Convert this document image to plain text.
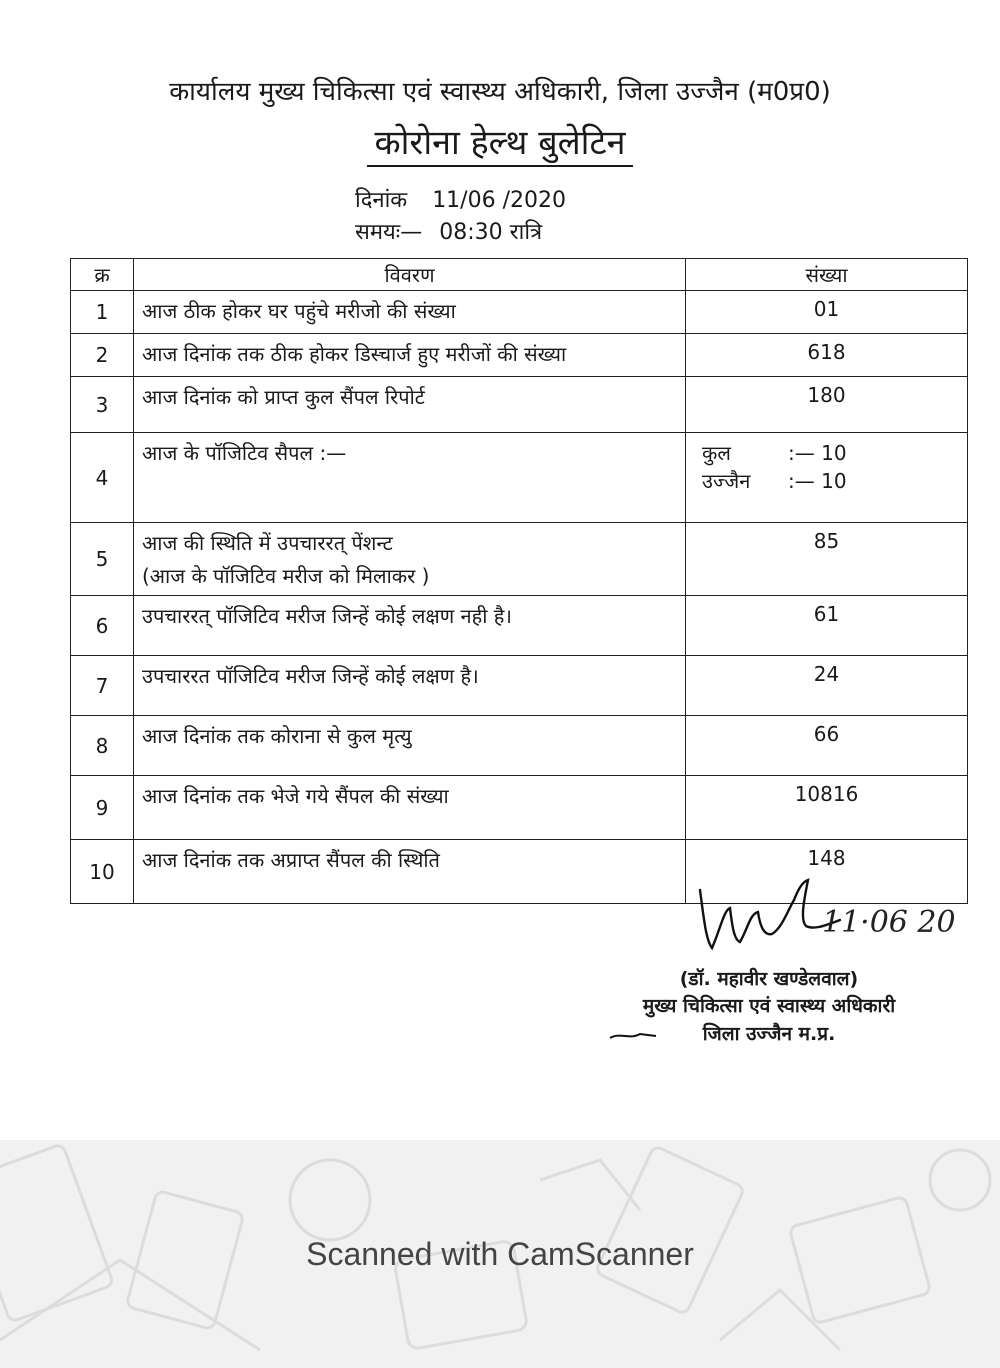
कार्यालय मुख्य चिकित्सा एवं स्वास्थ्य अधिकारी, जिला उज्जैन (म0प्र0)
कोरोना हेल्थ बुलेटिन
दिनांक 11/06 /2020
समयः— 08:30 रात्रि
क्र	विवरण	संख्या
1	आज ठीक होकर घर पहुंचे मरीजो की संख्या	01
2	आज दिनांक तक ठीक होकर डिस्चार्ज हुए मरीजों की संख्या	618
3	आज दिनांक को प्राप्त कुल सैंपल रिपोर्ट	180
4	आज के पॉजिटिव सैपल :—	कुल :— 10
उज्जैन :— 10

5	आज की स्थिति में उपचाररत् पेंशन्ट
(आज के पॉजिटिव मरीज को मिलाकर )	85
6	उपचाररत् पॉजिटिव मरीज जिन्हें कोई लक्षण नही है।	61
7	उपचाररत पॉजिटिव मरीज जिन्हें कोई लक्षण है।	24
8	आज दिनांक तक कोराना से कुल मृत्यु	66
9	आज दिनांक तक भेजे गये सैंपल की संख्या	10816
10	आज दिनांक तक अप्राप्त सैंपल की स्थिति	148
11·06 20
(डॉ. महावीर खण्डेलवाल)
मुख्य चिकित्सा एवं स्वास्थ्य अधिकारी
जिला उज्जैन म.प्र.
Scanned with CamScanner
